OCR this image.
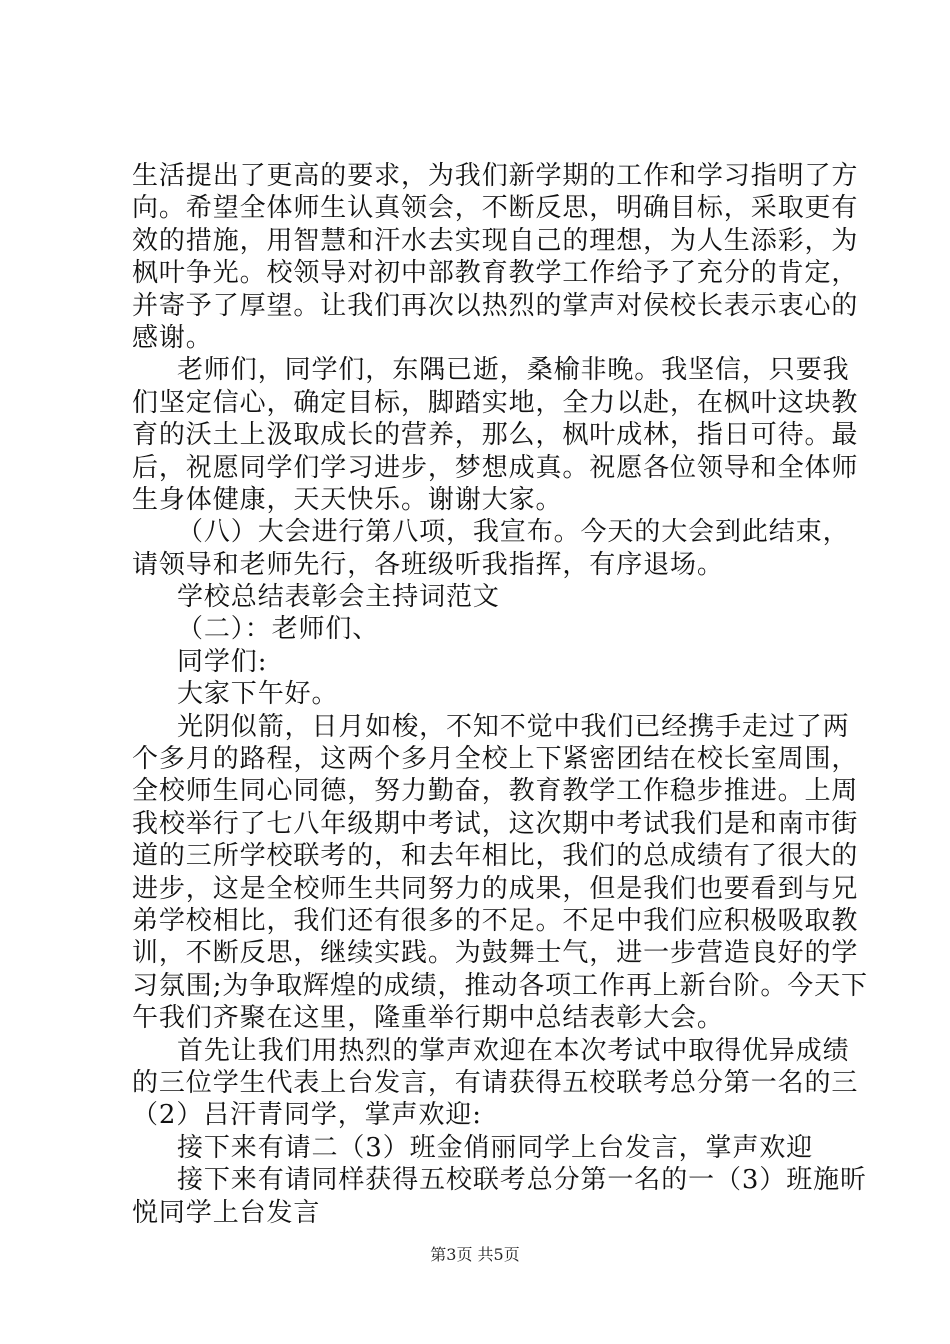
生活提出了更高的要求，为我们新学期的工作和学习指明了方
向。希望全体师生认真领会，不断反思，明确目标，采取更有
效的措施，用智慧和汗水去实现自己的理想，为人生添彩，为
枫叶争光。校领导对初中部教育教学工作给予了充分的肯定，
并寄予了厚望。让我们再次以热烈的掌声对侯校长表示衷心的
感谢。
老师们，同学们，东隅已逝，桑榆非晚。我坚信，只要我
们坚定信心，确定目标，脚踏实地，全力以赴，在枫叶这块教
育的沃土上汲取成长的营养，那么，枫叶成林，指日可待。最
后，祝愿同学们学习进步，梦想成真。祝愿各位领导和全体师
生身体健康，天天快乐。谢谢大家。
（八）大会进行第八项，我宣布。今天的大会到此结束，
请领导和老师先行，各班级听我指挥，有序退场。
学校总结表彰会主持词范文
（二）：老师们、
同学们:
大家下午好。
光阴似箭，日月如梭，不知不觉中我们已经携手走过了两
个多月的路程，这两个多月全校上下紧密团结在校长室周围，
全校师生同心同德，努力勤奋，教育教学工作稳步推进。上周
我校举行了七八年级期中考试，这次期中考试我们是和南市街
道的三所学校联考的，和去年相比，我们的总成绩有了很大的
进步，这是全校师生共同努力的成果，但是我们也要看到与兄
弟学校相比，我们还有很多的不足。不足中我们应积极吸取教
训，不断反思，继续实践。为鼓舞士气，进一步营造良好的学
习氛围;为争取辉煌的成绩，推动各项工作再上新台阶。今天下
午我们齐聚在这里，隆重举行期中总结表彰大会。
首先让我们用热烈的掌声欢迎在本次考试中取得优异成绩
的三位学生代表上台发言，有请获得五校联考总分第一名的三
（2）吕汗青同学，掌声欢迎:
接下来有请二（3）班金俏丽同学上台发言，掌声欢迎
接下来有请同样获得五校联考总分第一名的一（3）班施昕
悦同学上台发言
第3页 共5页
